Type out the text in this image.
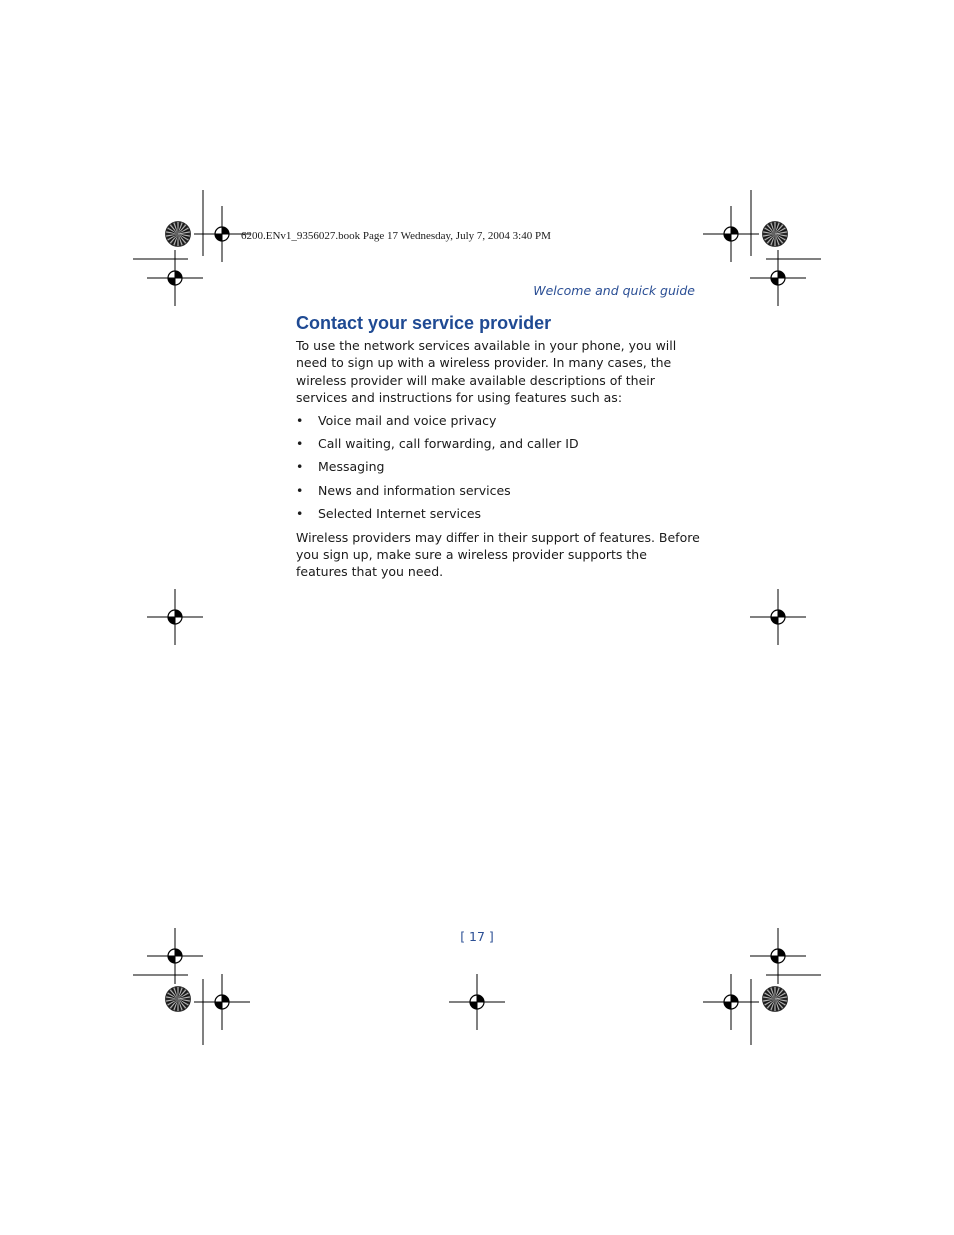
6200.ENv1_9356027.book Page 17 Wednesday, July 7, 2004 3:40 PM
Welcome and quick guide
Contact your service provider

To use the network services available in your phone, you will need to sign up with a wireless provider. In many cases, the wireless provider will make available descriptions of their services and instructions for using features such as:

• Voice mail and voice privacy
• Call waiting, call forwarding, and caller ID
• Messaging
• News and information services
• Selected Internet services

Wireless providers may differ in their support of features. Before you sign up, make sure a wireless provider supports the features that you need.

[ 17 ]
